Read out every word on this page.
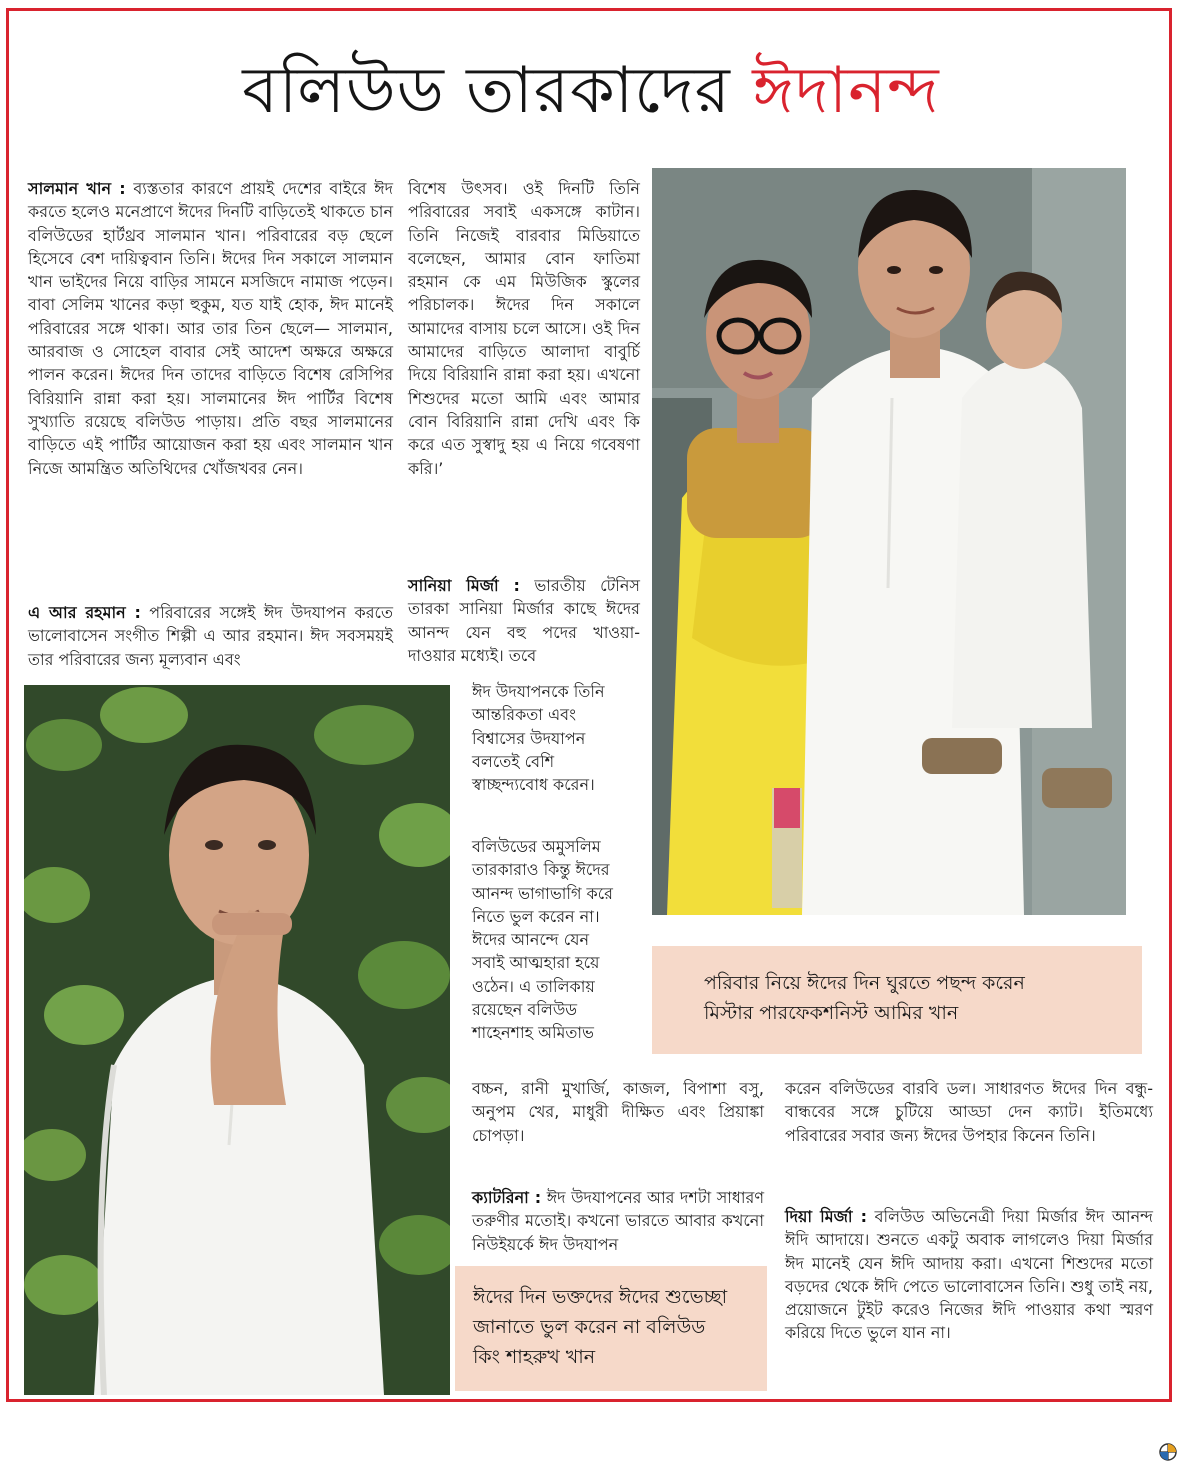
বলিউড তারকাদের ঈদানন্দ

সালমান খান : ব্যস্ততার কারণে প্রায়ই দেশের বাইরে ঈদ করতে হলেও মনেপ্রাণে ঈদের দিনটি বাড়িতেই থাকতে চান বলিউডের হার্টথ্রব সালমান খান। পরিবারের বড় ছেলে হিসেবে বেশ দায়িত্ববান তিনি। ঈদের দিন সকালে সালমান খান ভাইদের নিয়ে বাড়ির সামনে মসজিদে নামাজ পড়েন। বাবা সেলিম খানের কড়া হুকুম, যত যাই হোক, ঈদ মানেই পরিবারের সঙ্গে থাকা। আর তার তিন ছেলে— সালমান, আরবাজ ও সোহেল বাবার সেই আদেশ অক্ষরে অক্ষরে পালন করেন। ঈদের দিন তাদের বাড়িতে বিশেষ রেসিপির বিরিয়ানি রান্না করা হয়। সালমানের ঈদ পার্টির বিশেষ সুখ্যাতি রয়েছে বলিউড পাড়ায়। প্রতি বছর সালমানের বাড়িতে এই পার্টির আয়োজন করা হয় এবং সালমান খান নিজে আমন্ত্রিত অতিথিদের খোঁজখবর নেন।

এ আর রহমান : পরিবারের সঙ্গেই ঈদ উদযাপন করতে ভালোবাসেন সংগীত শিল্পী এ আর রহমান। ঈদ সবসময়ই তার পরিবারের জন্য মূল্যবান এবং

বিশেষ উৎসব। ওই দিনটি তিনি পরিবারের সবাই একসঙ্গে কাটান। তিনি নিজেই বারবার মিডিয়াতে বলেছেন, আমার বোন ফাতিমা রহমান কে এম মিউজিক স্কুলের পরিচালক। ঈদের দিন সকালে আমাদের বাসায় চলে আসে। ওই দিন আমাদের বাড়িতে আলাদা বাবুর্চি দিয়ে বিরিয়ানি রান্না করা হয়। এখনো শিশুদের মতো আমি এবং আমার বোন বিরিয়ানি রান্না দেখি এবং কি করে এত সুস্বাদু হয় এ নিয়ে গবেষণা করি।’

সানিয়া মির্জা : ভারতীয় টেনিস তারকা সানিয়া মির্জার কাছে ঈদের আনন্দ যেন বহু পদের খাওয়া-দাওয়ার মধ্যেই। তবে

ঈদ উদযাপনকে তিনি আন্তরিকতা এবং বিশ্বাসের উদযাপন বলতেই বেশি স্বাচ্ছন্দ্যবোধ করেন।

বলিউডের অমুসলিম তারকারাও কিন্তু ঈদের আনন্দ ভাগাভাগি করে নিতে ভুল করেন না। ঈদের আনন্দে যেন সবাই আত্মহারা হয়ে ওঠেন। এ তালিকায় রয়েছেন বলিউড শাহেনশাহ অমিতাভ

বচ্চন, রানী মুখার্জি, কাজল, বিপাশা বসু, অনুপম খের, মাধুরী দীক্ষিত এবং প্রিয়াঙ্কা চোপড়া।

ক্যাটরিনা : ঈদ উদযাপনের আর দশটা সাধারণ তরুণীর মতোই। কখনো ভারতে আবার কখনো নিউইয়র্কে ঈদ উদযাপন

করেন বলিউডের বারবি ডল। সাধারণত ঈদের দিন বন্ধু-বান্ধবের সঙ্গে চুটিয়ে আড্ডা দেন ক্যাট। ইতিমধ্যে পরিবারের সবার জন্য ঈদের উপহার কিনেন তিনি।

দিয়া মির্জা : বলিউড অভিনেত্রী দিয়া মির্জার ঈদ আনন্দ ঈদি আদায়ে। শুনতে একটু অবাক লাগলেও দিয়া মির্জার ঈদ মানেই যেন ঈদি আদায় করা। এখনো শিশুদের মতো বড়দের থেকে ঈদি পেতে ভালোবাসেন তিনি। শুধু তাই নয়, প্রয়োজনে টুইট করেও নিজের ঈদি পাওয়ার কথা স্মরণ করিয়ে দিতে ভুলে যান না।

পরিবার নিয়ে ঈদের দিন ঘুরতে পছন্দ করেন
মিস্টার পারফেকশনিস্ট আমির খান
ঈদের দিন ভক্তদের ঈদের শুভেচ্ছা
জানাতে ভুল করেন না বলিউড
কিং শাহরুখ খান
